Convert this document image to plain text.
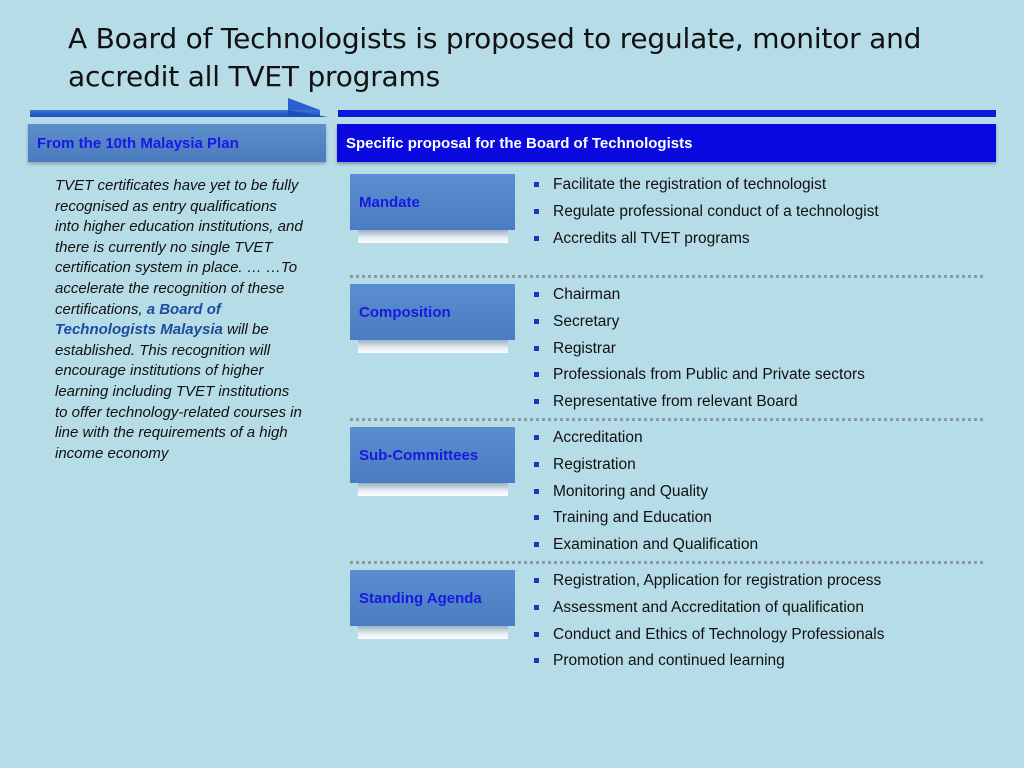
A Board of Technologists is proposed to regulate, monitor and accredit all TVET programs
From the 10th Malaysia Plan	Specific proposal for the Board of Technologists
TVET certificates have yet to be fully recognised as entry qualifications into higher education institutions, and there is currently no single TVET certification system in place. … …To accelerate the recognition of these certifications, a Board of Technologists Malaysia will be established. This recognition will encourage institutions of higher learning including TVET institutions to offer technology-related courses in line with the requirements of a high income economy
Mandate
Facilitate the registration of technologist
Regulate professional conduct of a technologist
Accredits all TVET programs
Composition
Chairman
Secretary
Registrar
Professionals from Public and Private sectors
Representative from relevant Board
Sub-Committees
Accreditation
Registration
Monitoring and Quality
Training and Education
Examination and Qualification
Standing Agenda
Registration, Application for registration process
Assessment and Accreditation of qualification
Conduct and Ethics of Technology Professionals
Promotion and continued learning
